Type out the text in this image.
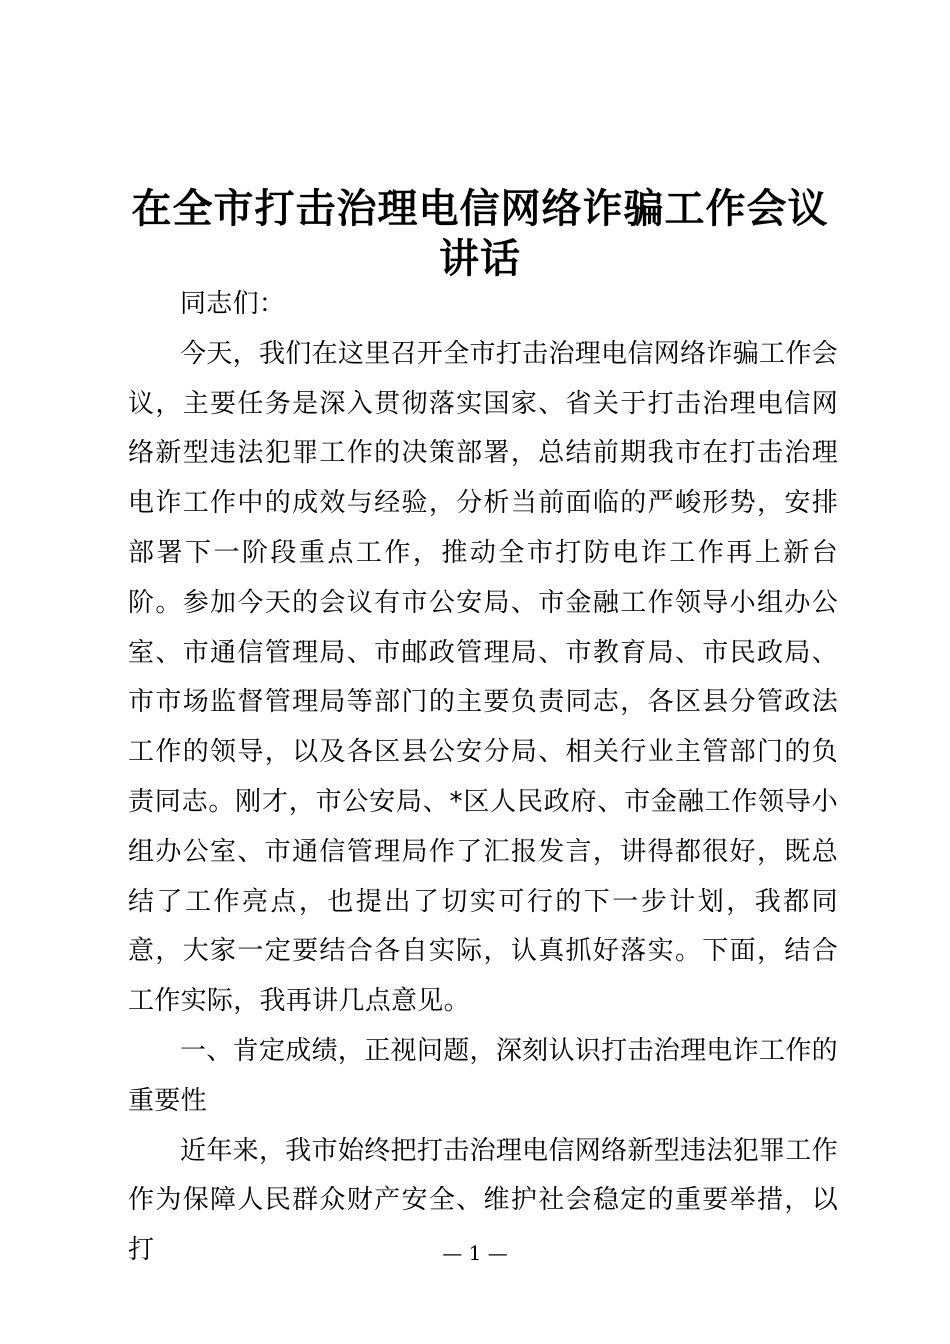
在全市打击治理电信网络诈骗工作会议
讲话

同志们：

今天，我们在这里召开全市打击治理电信网络诈骗工作会议，主要任务是深入贯彻落实国家、省关于打击治理电信网络新型违法犯罪工作的决策部署，总结前期我市在打击治理电诈工作中的成效与经验，分析当前面临的严峻形势，安排部署下一阶段重点工作，推动全市打防电诈工作再上新台阶。参加今天的会议有市公安局、市金融工作领导小组办公室、市通信管理局、市邮政管理局、市教育局、市民政局、市市场监督管理局等部门的主要负责同志，各区县分管政法工作的领导，以及各区县公安分局、相关行业主管部门的负责同志。刚才，市公安局、*区人民政府、市金融工作领导小组办公室、市通信管理局作了汇报发言，讲得都很好，既总结了工作亮点，也提出了切实可行的下一步计划，我都同意，大家一定要结合各自实际，认真抓好落实。下面，结合工作实际，我再讲几点意见。

一、肯定成绩，正视问题，深刻认识打击治理电诈工作的重要性

近年来，我市始终把打击治理电信网络新型违法犯罪工作作为保障人民群众财产安全、维护社会稳定的重要举措，以打	— 1 —
